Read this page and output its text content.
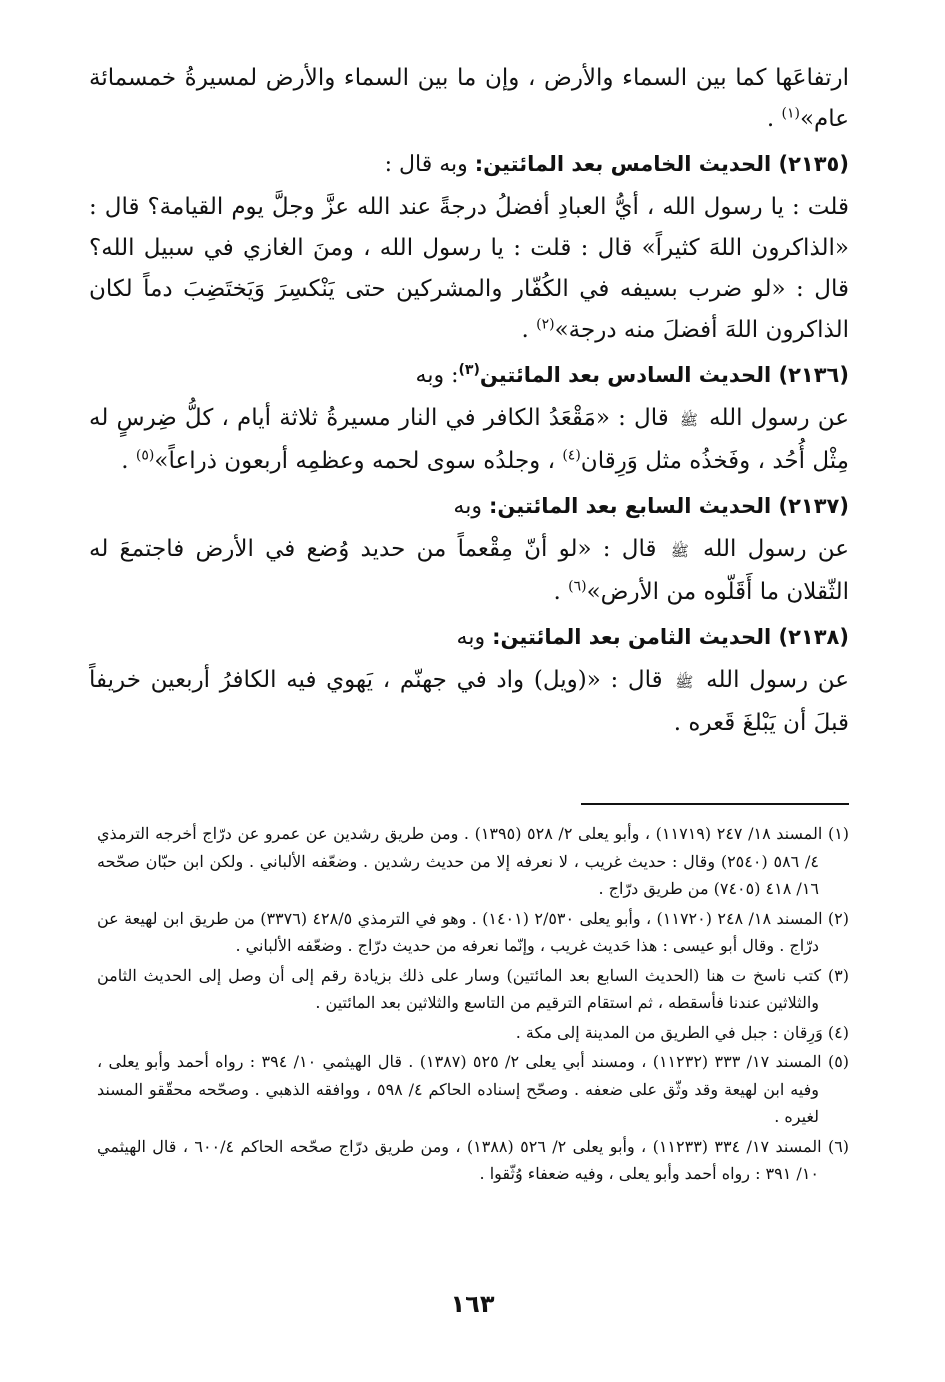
ارتفاعَها كما بين السماء والأرض ، وإن ما بين السماء والأرض لمسيرةُ خمسمائة عام»$^{(١)}$ .

(٢١٣٥) الحديث الخامس بعد المائتين: وبه قال :

قلت : يا رسول الله ، أيُّ العبادِ أفضلُ درجةً عند الله عزَّ وجلَّ يوم القيامة؟ قال : «الذاكرون اللهَ كثيراً» قال : قلت : يا رسول الله ، ومنَ الغازي في سبيل الله؟ قال : «لو ضرب بسيفه في الكُفّار والمشركين حتى يَنْكسِرَ وَيَختَضِبَ دماً لكان الذاكرون اللهَ أفضلَ منه درجة»$^{(٢)}$ .

(٢١٣٦) الحديث السادس بعد المائتين$^{(٣)}$: وبه

عن رسول الله ﷺ قال : «مَقْعَدُ الكافر في النار مسيرةُ ثلاثة أيام ، كلُّ ضِرسٍ له مِثْل أُحُد ، وفَخذُه مثل وَرِقان$^{(٤)}$ ، وجلدُه سوى لحمه وعظمِه أربعون ذراعاً»$^{(٥)}$ .

(٢١٣٧) الحديث السابع بعد المائتين: وبه

عن رسول الله ﷺ قال : «لو أنّ مِقْعماً من حديد وُضع في الأرض فاجتمعَ له الثّقلان ما أَقَلّوه من الأرض»$^{(٦)}$ .

(٢١٣٨) الحديث الثامن بعد المائتين: وبه

عن رسول الله ﷺ قال : «(ويل) واد في جهنّم ، يَهوي فيه الكافرُ أربعين خريفاً قبلَ أن يَبْلغَ قَعره .

(١) المسند ١٨/ ٢٤٧ (١١٧١٩) ، وأبو يعلى ٢/ ٥٢٨ (١٣٩٥) . ومن طريق رشدين عن عمرو عن درّاج أخرجه الترمذي ٤/ ٥٨٦ (٢٥٤٠) وقال : حديث غريب ، لا نعرفه إلا من حديث رشدين . وضعّفه الألباني . ولكن ابن حبّان صحّحه ١٦/ ٤١٨ (٧٤٠٥) من طريق درّاج .

(٢) المسند ١٨/ ٢٤٨ (١١٧٢٠) ، وأبو يعلى ٢/٥٣٠ (١٤٠١) . وهو في الترمذي ٤٢٨/٥ (٣٣٧٦) من طريق ابن لهيعة عن درّاج . وقال أبو عيسى : هذا حَديث غريب ، وإنّما نعرفه من حديث درّاج . وضعّفه الألباني .

(٣) كتب ناسخ ت هنا (الحديث السابع بعد المائتين) وسار على ذلك بزيادة رقم إلى أن وصل إلى الحديث الثامن والثلاثين عندنا فأسقطه ، ثم استقام الترقيم من التاسع والثلاثين بعد المائتين .

(٤) وَرِقان : جبل في الطريق من المدينة إلى مكة .

(٥) المسند ١٧/ ٣٣٣ (١١٢٣٢) ، ومسند أبي يعلى ٢/ ٥٢٥ (١٣٨٧) . قال الهيثمي ١٠/ ٣٩٤ : رواه أحمد وأبو يعلى ، وفيه ابن لهيعة وقد وثّق على ضعفه . وصحّح إسناده الحاكم ٤/ ٥٩٨ ، ووافقه الذهبي . وصحّحه محقّقو المسند لغيره .

(٦) المسند ١٧/ ٣٣٤ (١١٢٣٣) ، وأبو يعلى ٢/ ٥٢٦ (١٣٨٨) ، ومن طريق درّاج صحّحه الحاكم ٦٠٠/٤ ، قال الهيثمي ١٠/ ٣٩١ : رواه أحمد وأبو يعلى ، وفيه ضعفاء وُثّقوا .

١٦٣
